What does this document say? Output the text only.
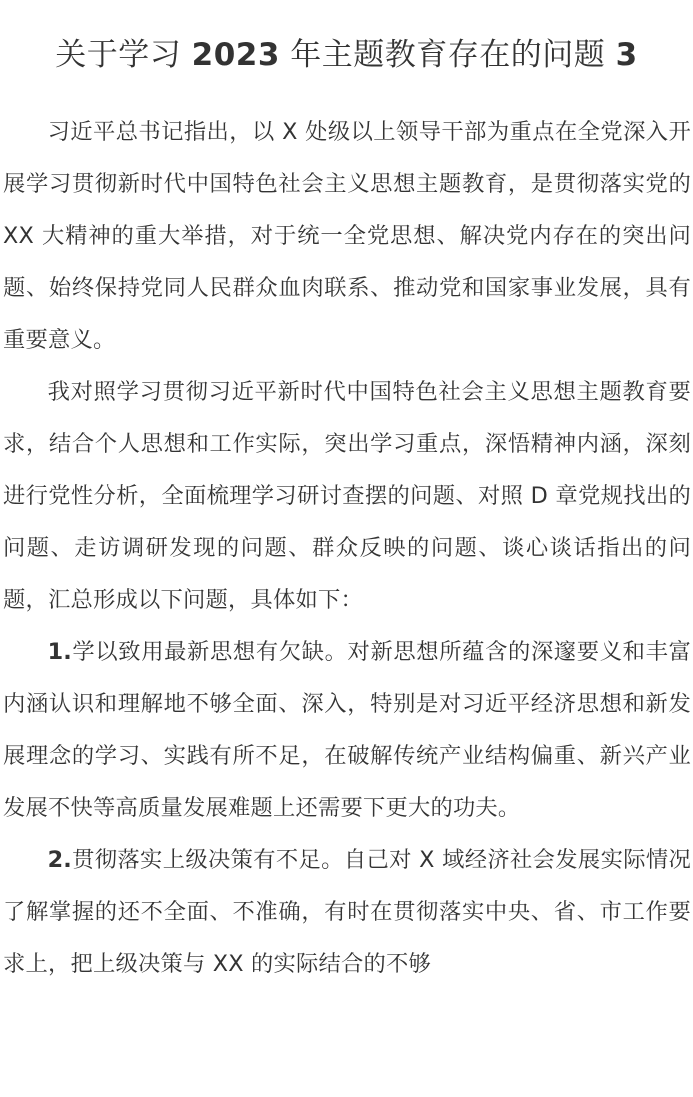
关于学习 2023 年主题教育存在的问题 3

习近平总书记指出，以 X 处级以上领导干部为重点在全党深入开展学习贯彻新时代中国特色社会主义思想主题教育，是贯彻落实党的 XX 大精神的重大举措，对于统一全党思想、解决党内存在的突出问题、始终保持党同人民群众血肉联系、推动党和国家事业发展，具有重要意义。

我对照学习贯彻习近平新时代中国特色社会主义思想主题教育要求，结合个人思想和工作实际，突出学习重点，深悟精神内涵，深刻进行党性分析，全面梳理学习研讨查摆的问题、对照 D 章党规找出的问题、走访调研发现的问题、群众反映的问题、谈心谈话指出的问题，汇总形成以下问题，具体如下：

1.学以致用最新思想有欠缺。对新思想所蕴含的深邃要义和丰富内涵认识和理解地不够全面、深入，特别是对习近平经济思想和新发展理念的学习、实践有所不足，在破解传统产业结构偏重、新兴产业发展不快等高质量发展难题上还需要下更大的功夫。

2.贯彻落实上级决策有不足。自己对 X 域经济社会发展实际情况了解掌握的还不全面、不准确，有时在贯彻落实中央、省、市工作要求上，把上级决策与 XX 的实际结合的不够
